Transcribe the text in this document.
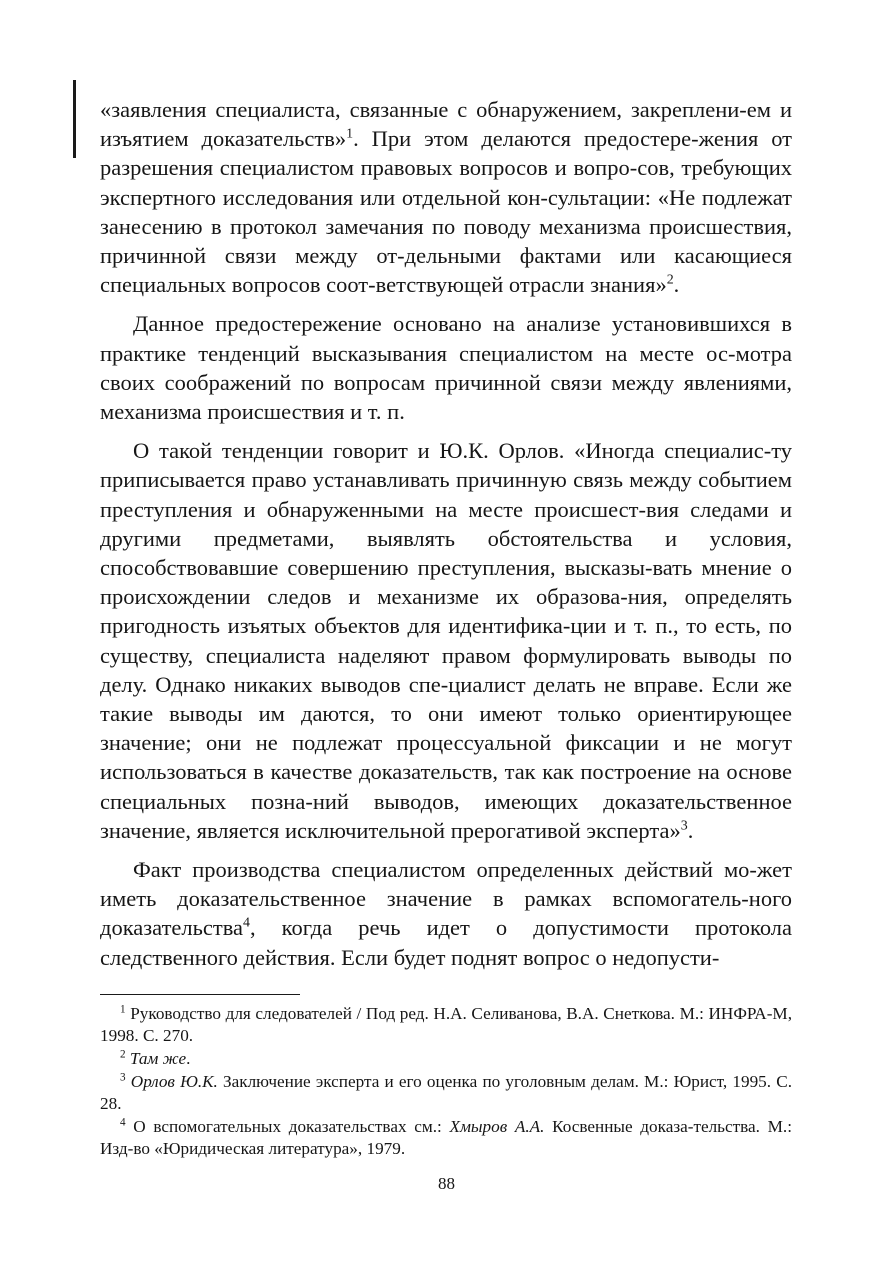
«заявления специалиста, связанные с обнаружением, закреплени-ем и изъятием доказательств»$^1$. При этом делаются предостере-жения от разрешения специалистом правовых вопросов и вопро-сов, требующих экспертного исследования или отдельной кон-сультации: «Не подлежат занесению в протокол замечания по поводу механизма происшествия, причинной связи между от-дельными фактами или касающиеся специальных вопросов соот-ветствующей отрасли знания»$^2$.

Данное предостережение основано на анализе установившихся в практике тенденций высказывания специалистом на месте ос-мотра своих соображений по вопросам причинной связи между явлениями, механизма происшествия и т. п.

О такой тенденции говорит и Ю.К. Орлов. «Иногда специалис-ту приписывается право устанавливать причинную связь между событием преступления и обнаруженными на месте происшест-вия следами и другими предметами, выявлять обстоятельства и условия, способствовавшие совершению преступления, высказы-вать мнение о происхождении следов и механизме их образова-ния, определять пригодность изъятых объектов для идентифика-ции и т. п., то есть, по существу, специалиста наделяют правом формулировать выводы по делу. Однако никаких выводов спе-циалист делать не вправе. Если же такие выводы им даются, то они имеют только ориентирующее значение; они не подлежат процессуальной фиксации и не могут использоваться в качестве доказательств, так как построение на основе специальных позна-ний выводов, имеющих доказательственное значение, является исключительной прерогативой эксперта»$^3$.

Факт производства специалистом определенных действий мо-жет иметь доказательственное значение в рамках вспомогатель-ного доказательства$^4$, когда речь идет о допустимости протокола следственного действия. Если будет поднят вопрос о недопусти-

$^1$ Руководство для следователей / Под ред. Н.А. Селиванова, В.А. Снеткова. М.: ИНФРА-М, 1998. С. 270.

$^2$ Там же.

$^3$ Орлов Ю.К. Заключение эксперта и его оценка по уголовным делам. М.: Юрист, 1995. С. 28.

$^4$ О вспомогательных доказательствах см.: Хмыров А.А. Косвенные доказа-тельства. М.: Изд-во «Юридическая литература», 1979.

88
